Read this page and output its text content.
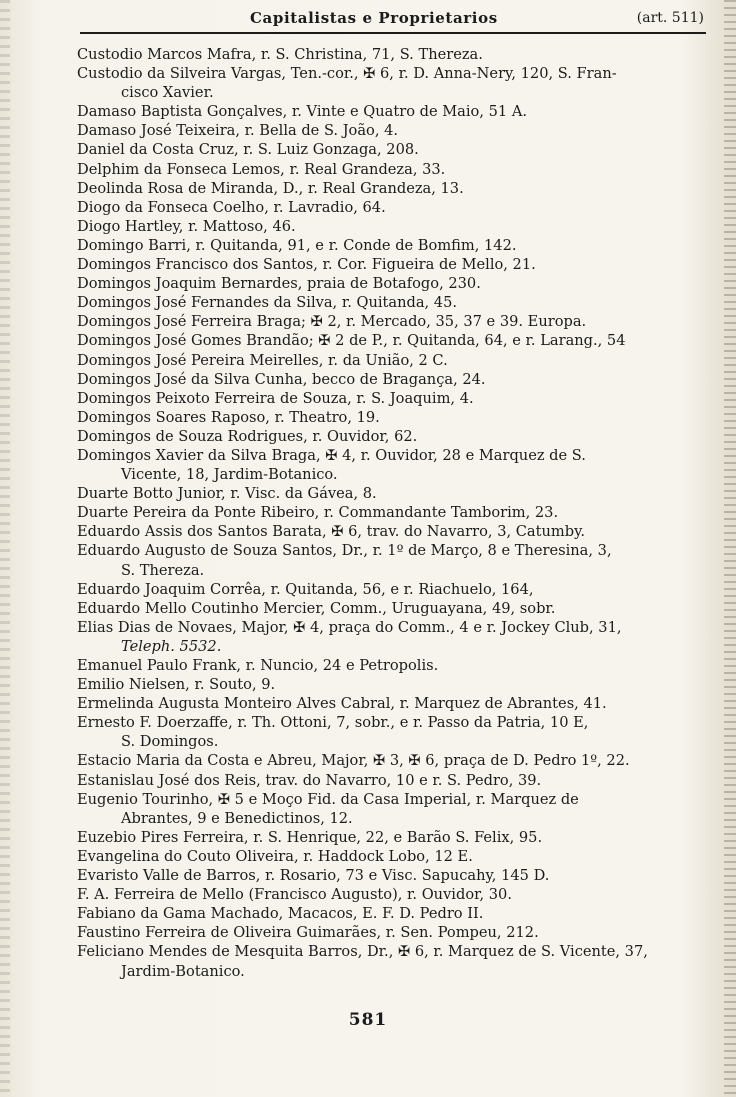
Capitalistas e Proprietarios	(art. 511)
Custodio Marcos Mafra, r. S. Christina, 71, S. Thereza.
Custodio da Silveira Vargas, Ten.-cor., ✠ 6, r. D. Anna-Nery, 120, S. Fran-
cisco Xavier.
Damaso Baptista Gonçalves, r. Vinte e Quatro de Maio, 51 A.
Damaso José Teixeira, r. Bella de S. João, 4.
Daniel da Costa Cruz, r. S. Luiz Gonzaga, 208.
Delphim da Fonseca Lemos, r. Real Grandeza, 33.
Deolinda Rosa de Miranda, D., r. Real Grandeza, 13.
Diogo da Fonseca Coelho, r. Lavradio, 64.
Diogo Hartley, r. Mattoso, 46.
Domingo Barri, r. Quitanda, 91, e r. Conde de Bomfim, 142.
Domingos Francisco dos Santos, r. Cor. Figueira de Mello, 21.
Domingos Joaquim Bernardes, praia de Botafogo, 230.
Domingos José Fernandes da Silva, r. Quitanda, 45.
Domingos José Ferreira Braga; ✠ 2, r. Mercado, 35, 37 e 39. Europa.
Domingos José Gomes Brandão; ✠ 2 de P., r. Quitanda, 64, e r. Larang., 54
Domingos José Pereira Meirelles, r. da União, 2 C.
Domingos José da Silva Cunha, becco de Bragança, 24.
Domingos Peixoto Ferreira de Souza, r. S. Joaquim, 4.
Domingos Soares Raposo, r. Theatro, 19.
Domingos de Souza Rodrigues, r. Ouvidor, 62.
Domingos Xavier da Silva Braga, ✠ 4, r. Ouvidor, 28 e Marquez de S.
Vicente, 18, Jardim-Botanico.
Duarte Botto Junior, r. Visc. da Gávea, 8.
Duarte Pereira da Ponte Ribeiro, r. Commandante Tamborim, 23.
Eduardo Assis dos Santos Barata, ✠ 6, trav. do Navarro, 3, Catumby.
Eduardo Augusto de Souza Santos, Dr., r. 1º de Março, 8 e Theresina, 3,
S. Thereza.
Eduardo Joaquim Corrêa, r. Quitanda, 56, e r. Riachuelo, 164,
Eduardo Mello Coutinho Mercier, Comm., Uruguayana, 49, sobr.
Elias Dias de Novaes, Major, ✠ 4, praça do Comm., 4 e r. Jockey Club, 31,
Teleph. 5532.
Emanuel Paulo Frank, r. Nuncio, 24 e Petropolis.
Emilio Nielsen, r. Souto, 9.
Ermelinda Augusta Monteiro Alves Cabral, r. Marquez de Abrantes, 41.
Ernesto F. Doerzaffe, r. Th. Ottoni, 7, sobr., e r. Passo da Patria, 10 E,
S. Domingos.
Estacio Maria da Costa e Abreu, Major, ✠ 3, ✠ 6, praça de D. Pedro 1º, 22.
Estanislau José dos Reis, trav. do Navarro, 10 e r. S. Pedro, 39.
Eugenio Tourinho, ✠ 5 e Moço Fid. da Casa Imperial, r. Marquez de
Abrantes, 9 e Benedictinos, 12.
Euzebio Pires Ferreira, r. S. Henrique, 22, e Barão S. Felix, 95.
Evangelina do Couto Oliveira, r. Haddock Lobo, 12 E.
Evaristo Valle de Barros, r. Rosario, 73 e Visc. Sapucahy, 145 D.
F. A. Ferreira de Mello (Francisco Augusto), r. Ouvidor, 30.
Fabiano da Gama Machado, Macacos, E. F. D. Pedro II.
Faustino Ferreira de Oliveira Guimarães, r. Sen. Pompeu, 212.
Feliciano Mendes de Mesquita Barros, Dr., ✠ 6, r. Marquez de S. Vicente, 37,
Jardim-Botanico.
581
